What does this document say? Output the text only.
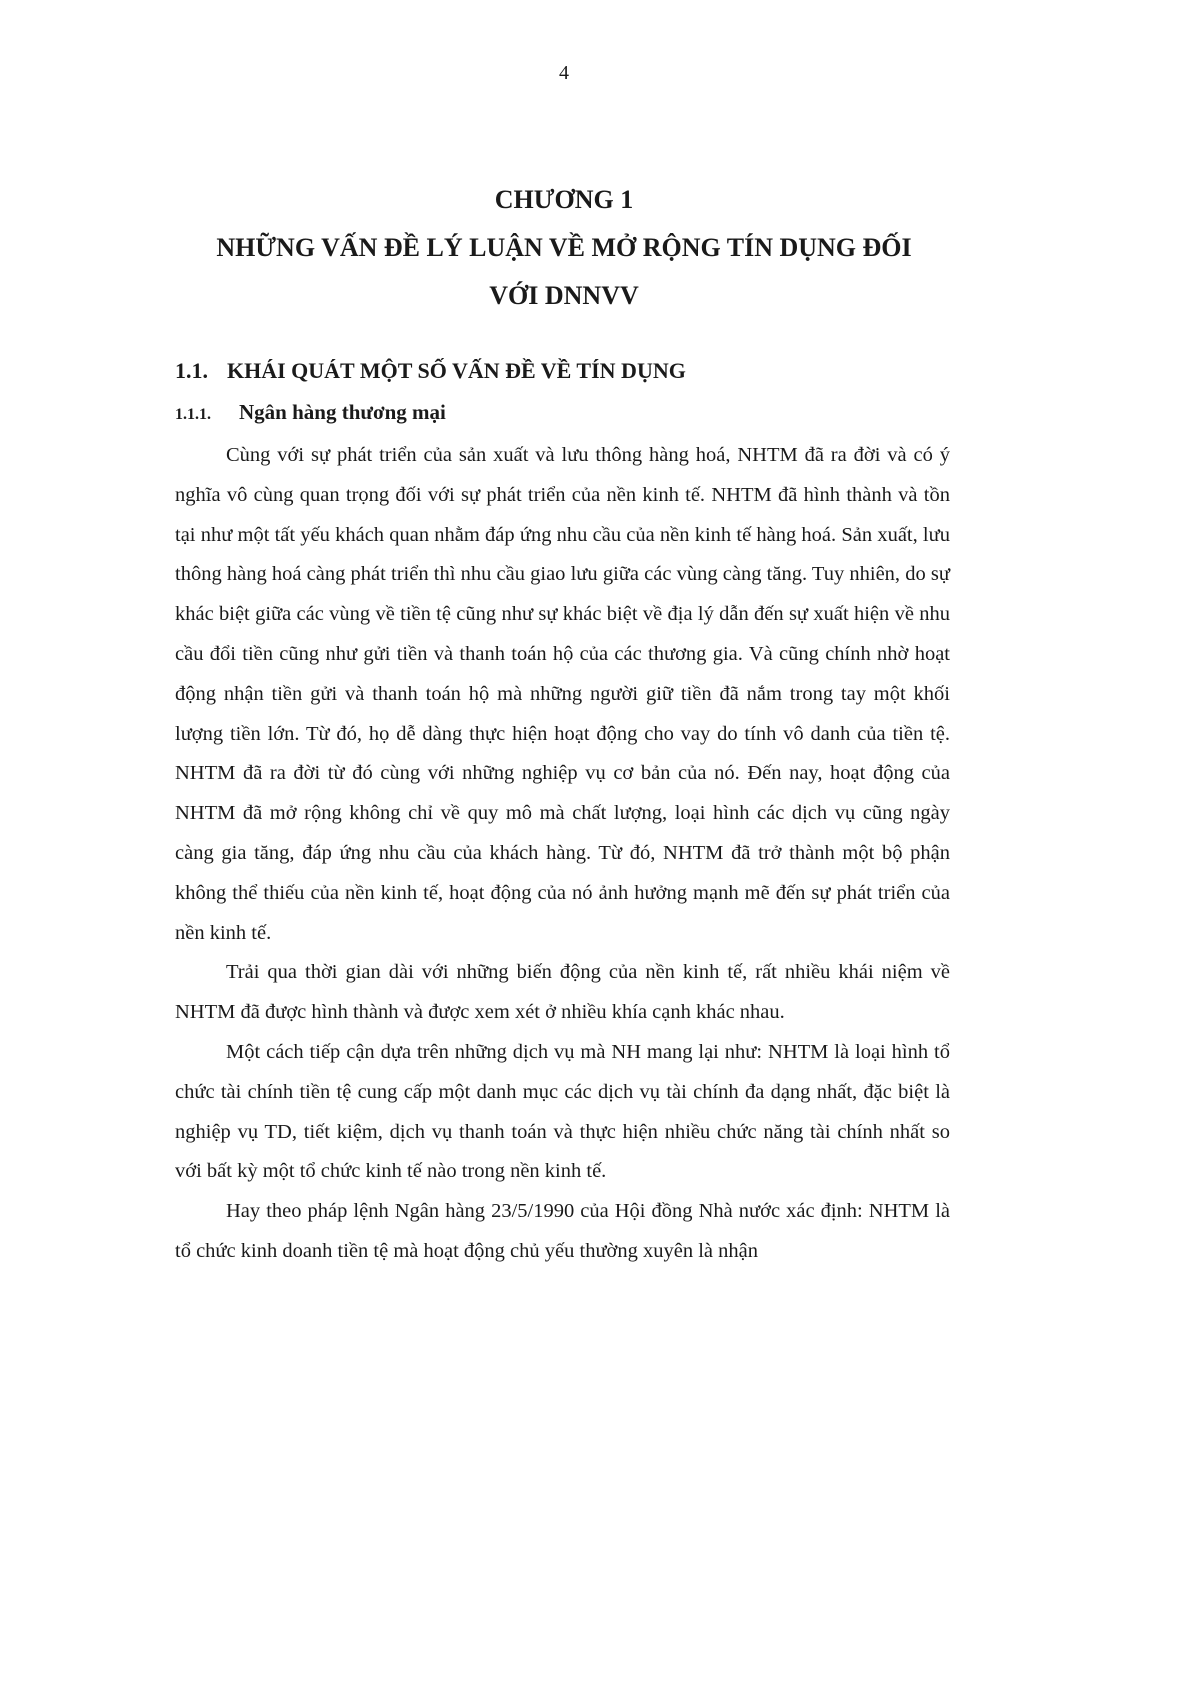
4
CHƯƠNG 1
NHỮNG VẤN ĐỀ LÝ LUẬN VỀ MỞ RỘNG TÍN DỤNG ĐỐI
VỚI DNNVV
1.1. KHÁI QUÁT MỘT SỐ VẤN ĐỀ VỀ TÍN DỤNG
1.1.1. Ngân hàng thương mại

Cùng với sự phát triển của sản xuất và lưu thông hàng hoá, NHTM đã ra đời và có ý nghĩa vô cùng quan trọng đối với sự phát triển của nền kinh tế. NHTM đã hình thành và tồn tại như một tất yếu khách quan nhằm đáp ứng nhu cầu của nền kinh tế hàng hoá. Sản xuất, lưu thông hàng hoá càng phát triển thì nhu cầu giao lưu giữa các vùng càng tăng. Tuy nhiên, do sự khác biệt giữa các vùng về tiền tệ cũng như sự khác biệt về địa lý dẫn đến sự xuất hiện về nhu cầu đổi tiền cũng như gửi tiền và thanh toán hộ của các thương gia. Và cũng chính nhờ hoạt động nhận tiền gửi và thanh toán hộ mà những người giữ tiền đã nắm trong tay một khối lượng tiền lớn. Từ đó, họ dễ dàng thực hiện hoạt động cho vay do tính vô danh của tiền tệ. NHTM đã ra đời từ đó cùng với những nghiệp vụ cơ bản của nó. Đến nay, hoạt động của NHTM đã mở rộng không chỉ về quy mô mà chất lượng, loại hình các dịch vụ cũng ngày càng gia tăng, đáp ứng nhu cầu của khách hàng. Từ đó, NHTM đã trở thành một bộ phận không thể thiếu của nền kinh tế, hoạt động của nó ảnh hưởng mạnh mẽ đến sự phát triển của nền kinh tế.

Trải qua thời gian dài với những biến động của nền kinh tế, rất nhiều khái niệm về NHTM đã được hình thành và được xem xét ở nhiều khía cạnh khác nhau.

Một cách tiếp cận dựa trên những dịch vụ mà NH mang lại như: NHTM là loại hình tổ chức tài chính tiền tệ cung cấp một danh mục các dịch vụ tài chính đa dạng nhất, đặc biệt là nghiệp vụ TD, tiết kiệm, dịch vụ thanh toán và thực hiện nhiều chức năng tài chính nhất so với bất kỳ một tổ chức kinh tế nào trong nền kinh tế.

Hay theo pháp lệnh Ngân hàng 23/5/1990 của Hội đồng Nhà nước xác định: NHTM là tổ chức kinh doanh tiền tệ mà hoạt động chủ yếu thường xuyên là nhận
